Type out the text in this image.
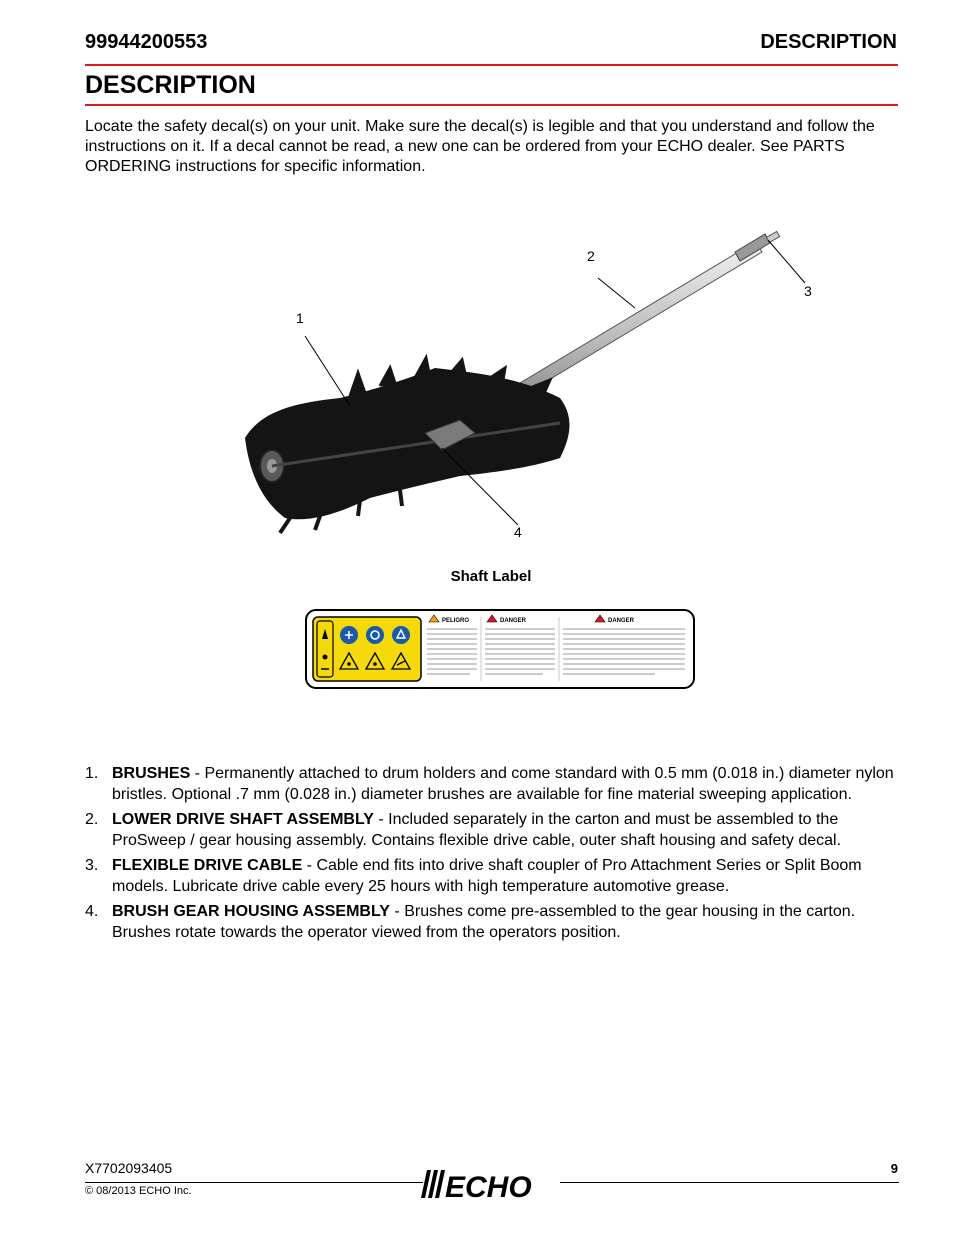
99944200553	DESCRIPTION
DESCRIPTION
Locate the safety decal(s) on your unit. Make sure the decal(s) is legible and that you understand and follow the instructions on it. If a decal cannot be read, a new one can be ordered from your ECHO dealer. See PARTS ORDERING instructions for specific information.
1
2
3
4
Shaft Label
PELIGRO	DANGER	DANGER
1. BRUSHES - Permanently attached to drum holders and come standard with 0.5 mm (0.018 in.) diameter nylon bristles. Optional .7 mm (0.028 in.) diameter brushes are available for fine material sweeping application.
2. LOWER DRIVE SHAFT ASSEMBLY - Included separately in the carton and must be assembled to the ProSweep / gear housing assembly. Contains flexible drive cable, outer shaft housing and safety decal.
3. FLEXIBLE DRIVE CABLE - Cable end fits into drive shaft coupler of Pro Attachment Series or Split Boom models. Lubricate drive cable every 25 hours with high temperature automotive grease.
4. BRUSH GEAR HOUSING ASSEMBLY - Brushes come pre-assembled to the gear housing in the carton. Brushes rotate towards the operator viewed from the operators position.
X7702093405
ECHO
9
© 08/2013 ECHO Inc.
